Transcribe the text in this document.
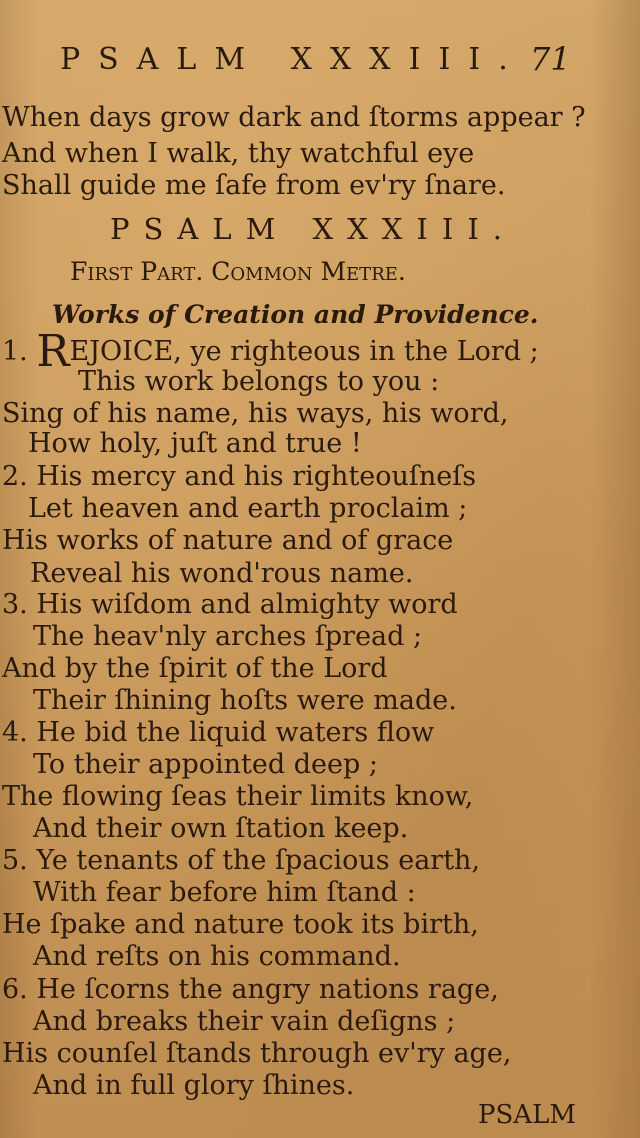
PSALM XXXIII. 71
When days grow dark and ſtorms appear ?
And when I walk, thy watchful eye
Shall guide me ſafe from ev'ry ſnare.
PSALM XXXIII.
First Part. Common Metre.
Works of Creation and Providence.
1. REJOICE, ye righteous in the Lord ;
This work belongs to you :
Sing of his name, his ways, his word,
How holy, juſt and true !
2. His mercy and his righteouſneſs
Let heaven and earth proclaim ;
His works of nature and of grace
Reveal his wond'rous name.
3. His wiſdom and almighty word
The heav'nly arches ſpread ;
And by the ſpirit of the Lord
Their ſhining hoſts were made.
4. He bid the liquid waters flow
To their appointed deep ;
The flowing ſeas their limits know,
And their own ſtation keep.
5. Ye tenants of the ſpacious earth,
With fear before him ſtand :
He ſpake and nature took its birth,
And reſts on his command.
6. He ſcorns the angry nations rage,
And breaks their vain deſigns ;
His counſel ſtands through ev'ry age,
And in full glory ſhines.
PSALM
